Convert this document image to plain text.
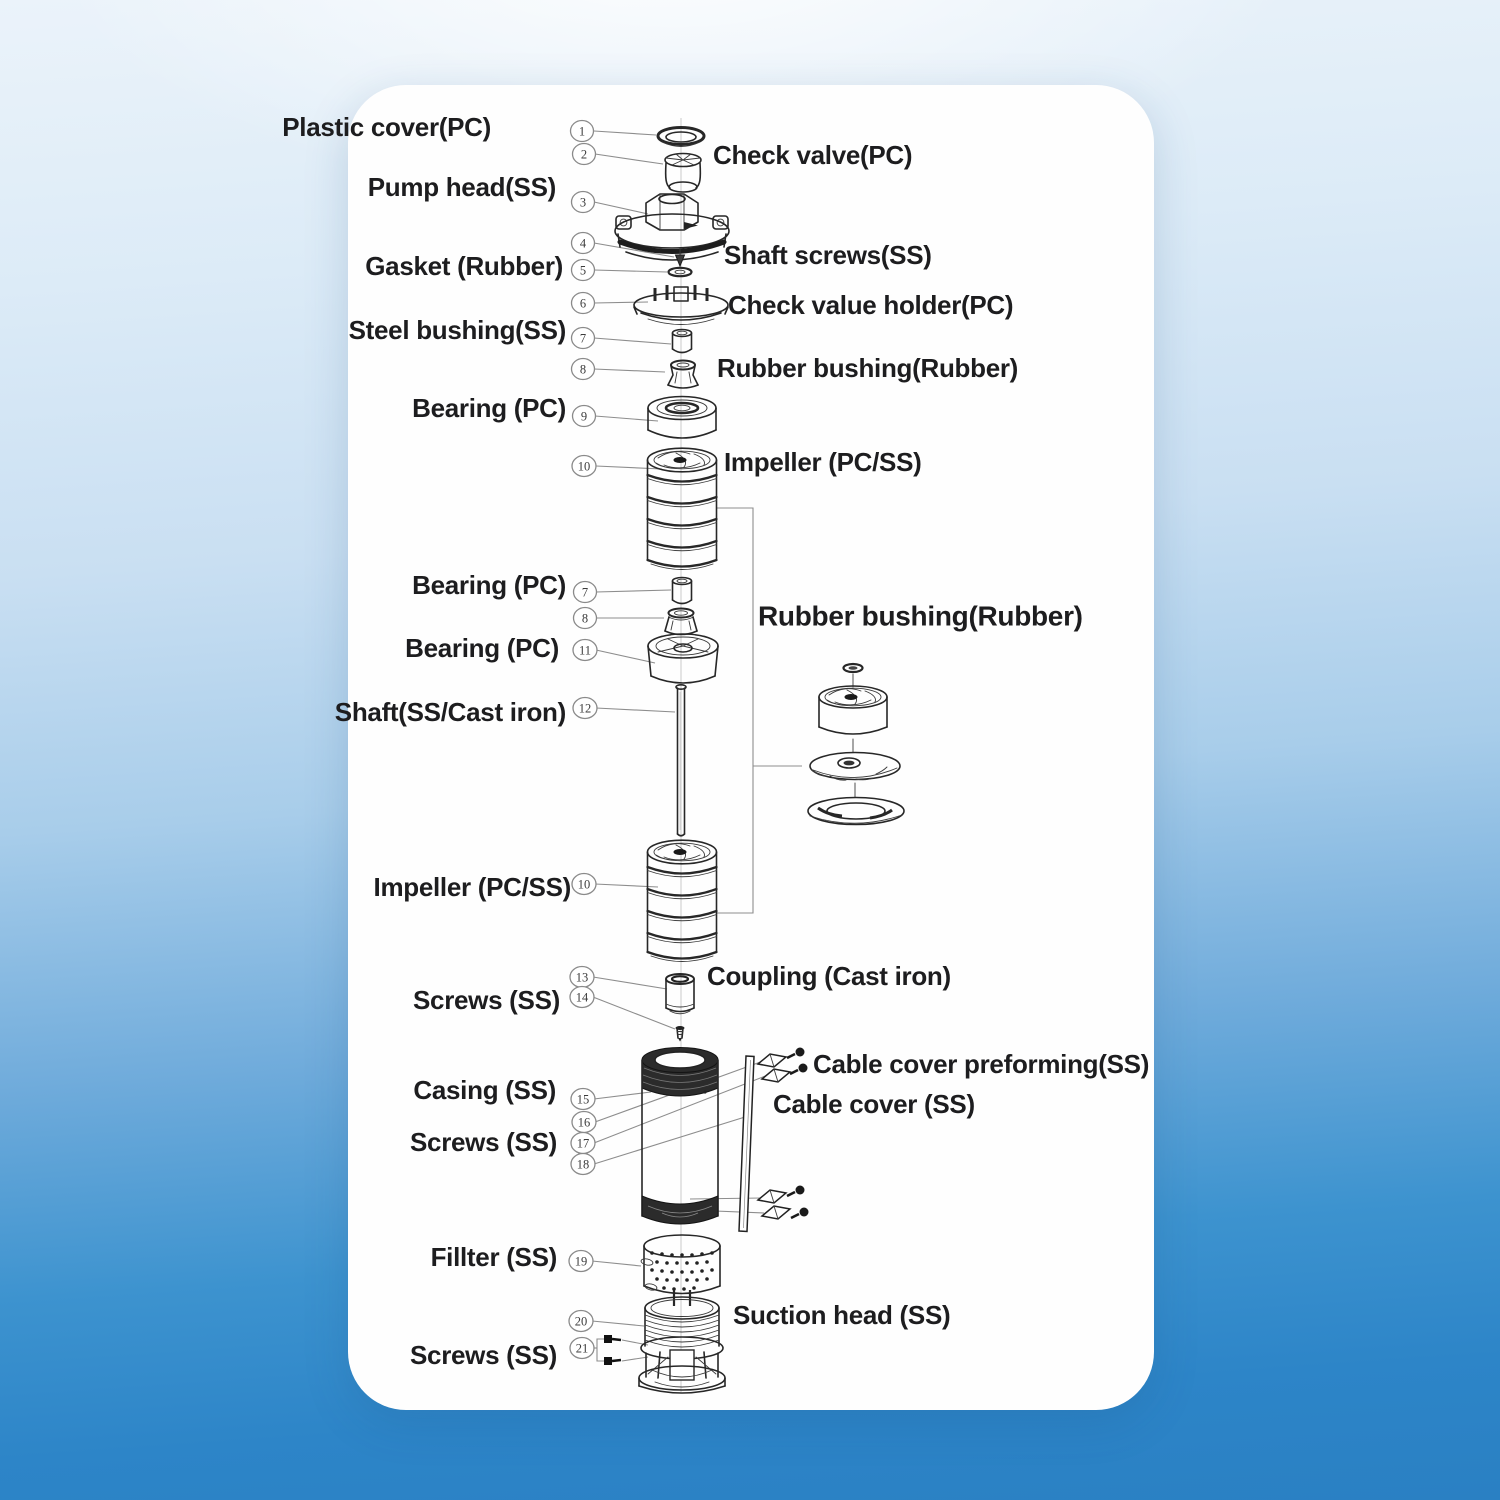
1
2
3
4
5
6
7
8
9
10
7
8
11
12
10
13
14
15
16
17
18
19
20
21
Plastic cover(PC)
Check valve(PC)
Pump head(SS)
Shaft screws(SS)
Gasket (Rubber)
Check value holder(PC)
Steel bushing(SS)
Rubber bushing(Rubber)
Bearing (PC)
Impeller (PC/SS)
Bearing (PC)
Rubber bushing(Rubber)
Bearing (PC)
Shaft(SS/Cast iron)
Impeller (PC/SS)
Coupling (Cast iron)
Screws (SS)
Casing (SS)
Cable cover preforming(SS)
Cable cover (SS)
Screws (SS)
Fillter (SS)
Suction head (SS)
Screws (SS)
